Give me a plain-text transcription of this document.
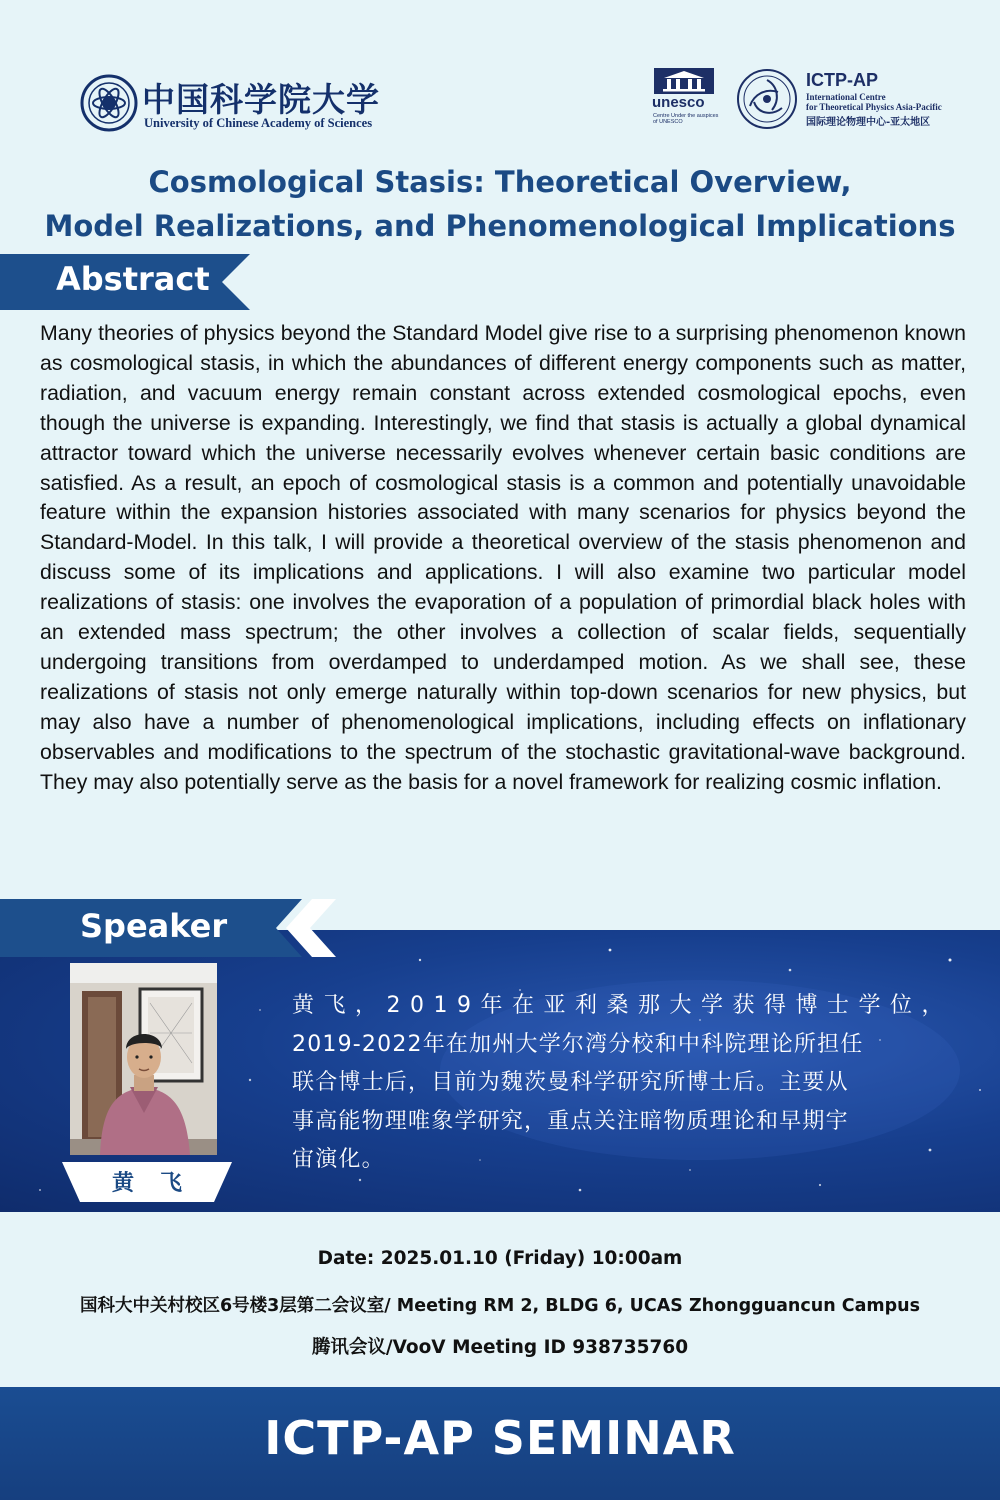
中国科学院大学
University of Chinese Academy of Sciences
unesco
Centre Under the auspices of UNESCO
ICTP-AP
International Centre
for Theoretical Physics Asia-Pacific
国际理论物理中心-亚太地区
Cosmological Stasis: Theoretical Overview,
Model Realizations, and Phenomenological Implications
Abstract

Many theories of physics beyond the Standard Model give rise to a surprising phenomenon known as cosmological stasis, in which the abundances of different energy components such as matter, radiation, and vacuum energy remain constant across extended cosmological epochs, even though the universe is expanding. Interestingly, we find that stasis is actually a global dynamical attractor toward which the universe necessarily evolves whenever certain basic conditions are satisfied. As a result, an epoch of cosmological stasis is a common and potentially unavoidable feature within the expansion histories associated with many scenarios for physics beyond the Standard-Model. In this talk, I will provide a theoretical overview of the stasis phenomenon and discuss some of its implications and applications. I will also examine two particular model realizations of stasis: one involves the evaporation of a population of primordial black holes with an extended mass spectrum; the other involves a collection of scalar fields, sequentially undergoing transitions from overdamped to underdamped motion. As we shall see, these realizations of stasis not only emerge naturally within top-down scenarios for new physics, but may also have a number of phenomenological implications, including effects on inflationary observables and modifications to the spectrum of the stochastic gravitational-wave background. They may also potentially serve as the basis for a novel framework for realizing cosmic inflation.

Speaker
黄飞
黄飞，2019年在亚利桑那大学获得博士学位，
2019-2022年在加州大学尔湾分校和中科院理论所担任
联合博士后，目前为魏茨曼科学研究所博士后。主要从
事高能物理唯象学研究，重点关注暗物质理论和早期宇
宙演化。
Date: 2025.01.10 (Friday) 10:00am
国科大中关村校区6号楼3层第二会议室/ Meeting RM 2, BLDG 6, UCAS Zhongguancun Campus
腾讯会议/VooV Meeting ID 938735760
ICTP-AP SEMINAR
